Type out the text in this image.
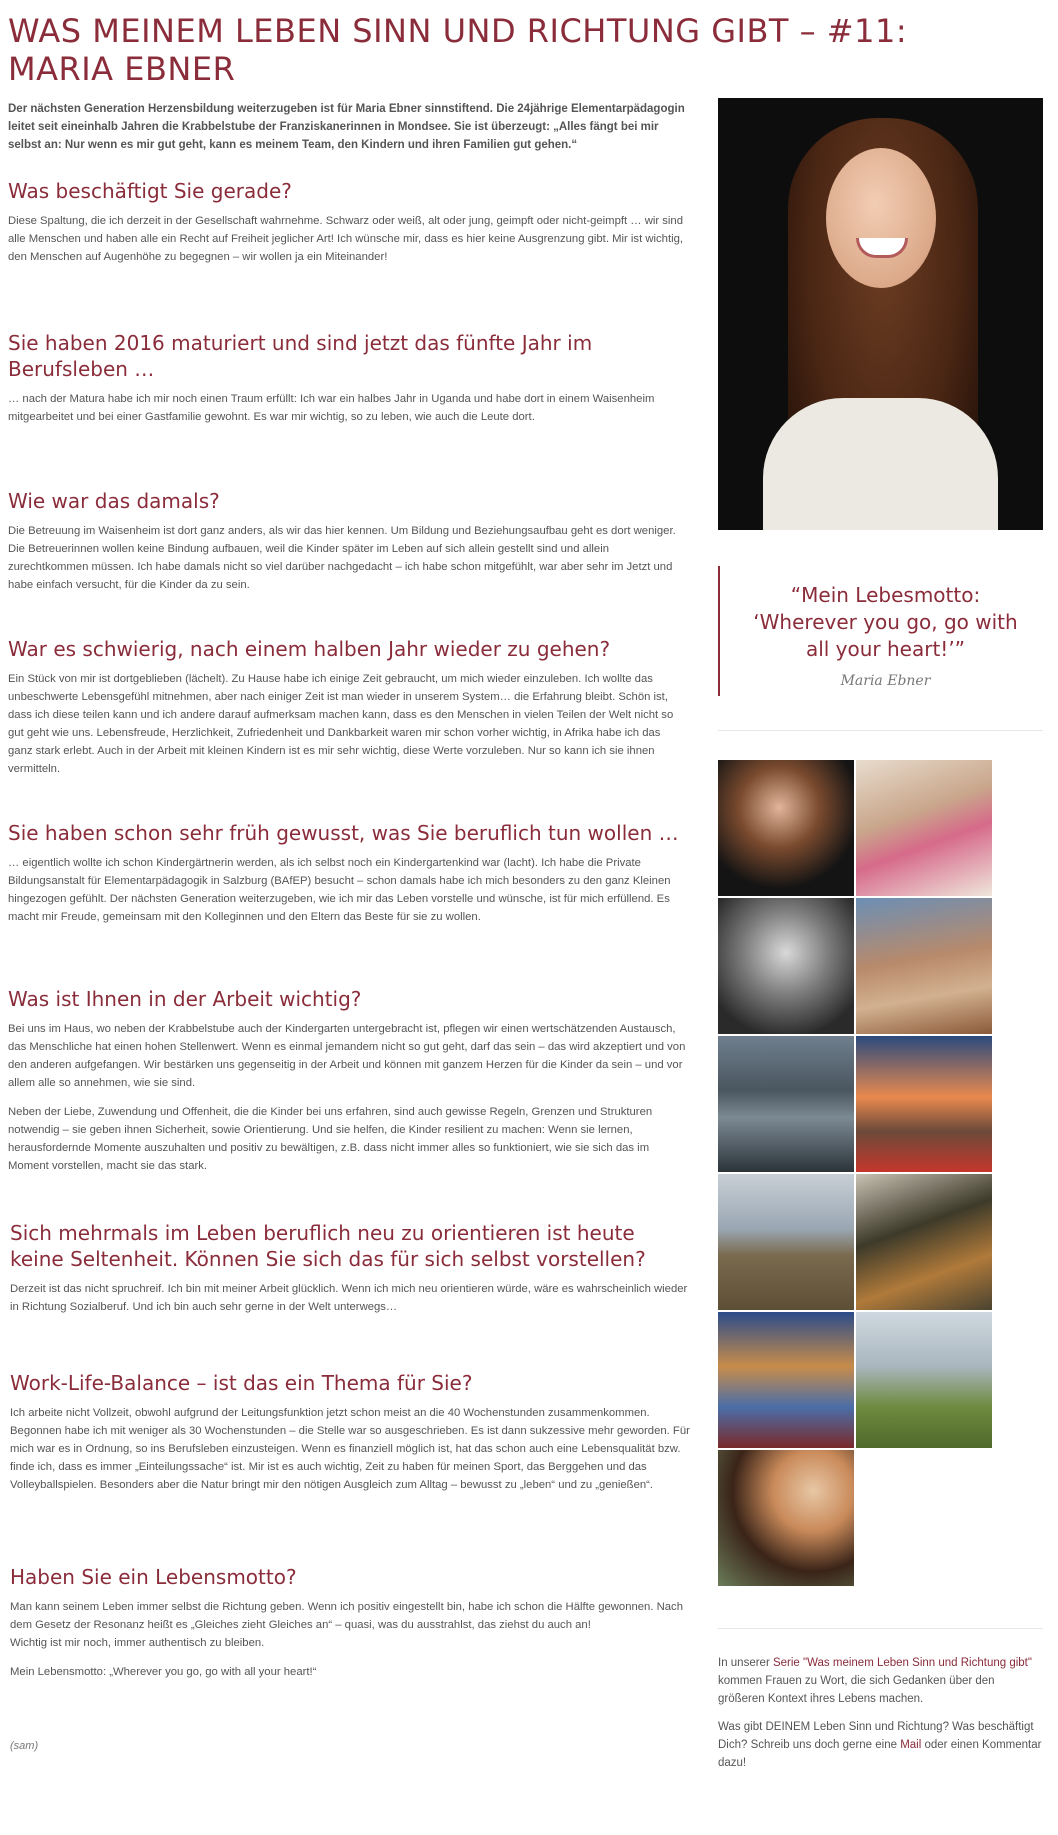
WAS MEINEM LEBEN SINN UND RICHTUNG GIBT – #11: MARIA EBNER

Der nächsten Generation Herzensbildung weiterzugeben ist für Maria Ebner sinnstiftend. Die 24jährige Elementarpädagogin leitet seit eineinhalb Jahren die Krabbelstube der Franziskanerinnen in Mondsee. Sie ist überzeugt: „Alles fängt bei mir selbst an: Nur wenn es mir gut geht, kann es meinem Team, den Kindern und ihren Familien gut gehen.“

Was beschäftigt Sie gerade?

Diese Spaltung, die ich derzeit in der Gesellschaft wahrnehme. Schwarz oder weiß, alt oder jung, geimpft oder nicht-geimpft … wir sind alle Menschen und haben alle ein Recht auf Freiheit jeglicher Art! Ich wünsche mir, dass es hier keine Ausgrenzung gibt. Mir ist wichtig, den Menschen auf Augenhöhe zu begegnen – wir wollen ja ein Miteinander!

Sie haben 2016 maturiert und sind jetzt das fünfte Jahr im Berufsleben …

… nach der Matura habe ich mir noch einen Traum erfüllt: Ich war ein halbes Jahr in Uganda und habe dort in einem Waisenheim mitgearbeitet und bei einer Gastfamilie gewohnt. Es war mir wichtig, so zu leben, wie auch die Leute dort.

Wie war das damals?

Die Betreuung im Waisenheim ist dort ganz anders, als wir das hier kennen. Um Bildung und Beziehungsaufbau geht es dort weniger. Die Betreuerinnen wollen keine Bindung aufbauen, weil die Kinder später im Leben auf sich allein gestellt sind und allein zurechtkommen müssen. Ich habe damals nicht so viel darüber nachgedacht – ich habe schon mitgefühlt, war aber sehr im Jetzt und habe einfach versucht, für die Kinder da zu sein.

War es schwierig, nach einem halben Jahr wieder zu gehen?

Ein Stück von mir ist dortgeblieben (lächelt). Zu Hause habe ich einige Zeit gebraucht, um mich wieder einzuleben. Ich wollte das unbeschwerte Lebensgefühl mitnehmen, aber nach einiger Zeit ist man wieder in unserem System… die Erfahrung bleibt. Schön ist, dass ich diese teilen kann und ich andere darauf aufmerksam machen kann, dass es den Menschen in vielen Teilen der Welt nicht so gut geht wie uns. Lebensfreude, Herzlichkeit, Zufriedenheit und Dankbarkeit waren mir schon vorher wichtig, in Afrika habe ich das ganz stark erlebt. Auch in der Arbeit mit kleinen Kindern ist es mir sehr wichtig, diese Werte vorzuleben. Nur so kann ich sie ihnen vermitteln.

Sie haben schon sehr früh gewusst, was Sie beruflich tun wollen …

… eigentlich wollte ich schon Kindergärtnerin werden, als ich selbst noch ein Kindergartenkind war (lacht). Ich habe die Private Bildungsanstalt für Elementarpädagogik in Salzburg (BAfEP) besucht – schon damals habe ich mich besonders zu den ganz Kleinen hingezogen gefühlt. Der nächsten Generation weiterzugeben, wie ich mir das Leben vorstelle und wünsche, ist für mich erfüllend. Es macht mir Freude, gemeinsam mit den Kolleginnen und den Eltern das Beste für sie zu wollen.

Was ist Ihnen in der Arbeit wichtig?

Bei uns im Haus, wo neben der Krabbelstube auch der Kindergarten untergebracht ist, pflegen wir einen wertschätzenden Austausch, das Menschliche hat einen hohen Stellenwert. Wenn es einmal jemandem nicht so gut geht, darf das sein – das wird akzeptiert und von den anderen aufgefangen. Wir bestärken uns gegenseitig in der Arbeit und können mit ganzem Herzen für die Kinder da sein – und vor allem alle so annehmen, wie sie sind.

Neben der Liebe, Zuwendung und Offenheit, die die Kinder bei uns erfahren, sind auch gewisse Regeln, Grenzen und Strukturen notwendig – sie geben ihnen Sicherheit, sowie Orientierung. Und sie helfen, die Kinder resilient zu machen: Wenn sie lernen, herausfordernde Momente auszuhalten und positiv zu bewältigen, z.B. dass nicht immer alles so funktioniert, wie sie sich das im Moment vorstellen, macht sie das stark.

Sich mehrmals im Leben beruflich neu zu orientieren ist heute keine Seltenheit. Können Sie sich das für sich selbst vorstellen?

Derzeit ist das nicht spruchreif. Ich bin mit meiner Arbeit glücklich. Wenn ich mich neu orientieren würde, wäre es wahrscheinlich wieder in Richtung Sozialberuf. Und ich bin auch sehr gerne in der Welt unterwegs…

Work-Life-Balance – ist das ein Thema für Sie?

Ich arbeite nicht Vollzeit, obwohl aufgrund der Leitungsfunktion jetzt schon meist an die 40 Wochenstunden zusammenkommen. Begonnen habe ich mit weniger als 30 Wochenstunden – die Stelle war so ausgeschrieben. Es ist dann sukzessive mehr geworden. Für mich war es in Ordnung, so ins Berufsleben einzusteigen. Wenn es finanziell möglich ist, hat das schon auch eine Lebensqualität bzw. finde ich, dass es immer „Einteilungssache“ ist. Mir ist es auch wichtig, Zeit zu haben für meinen Sport, das Berggehen und das Volleyballspielen. Besonders aber die Natur bringt mir den nötigen Ausgleich zum Alltag – bewusst zu „leben“ und zu „genießen“.

Haben Sie ein Lebensmotto?

Man kann seinem Leben immer selbst die Richtung geben. Wenn ich positiv eingestellt bin, habe ich schon die Hälfte gewonnen. Nach dem Gesetz der Resonanz heißt es „Gleiches zieht Gleiches an“ – quasi, was du ausstrahlst, das ziehst du auch an!
Wichtig ist mir noch, immer authentisch zu bleiben.

Mein Lebensmotto: „Wherever you go, go with all your heart!“

(sam)
“Mein Lebesmotto: ‘Wherever you go, go with all your heart!’”
Maria Ebner

In unserer Serie "Was meinem Leben Sinn und Richtung gibt" kommen Frauen zu Wort, die sich Gedanken über den größeren Kontext ihres Lebens machen.

Was gibt DEINEM Leben Sinn und Richtung? Was beschäftigt Dich? Schreib uns doch gerne eine Mail oder einen Kommentar dazu!
